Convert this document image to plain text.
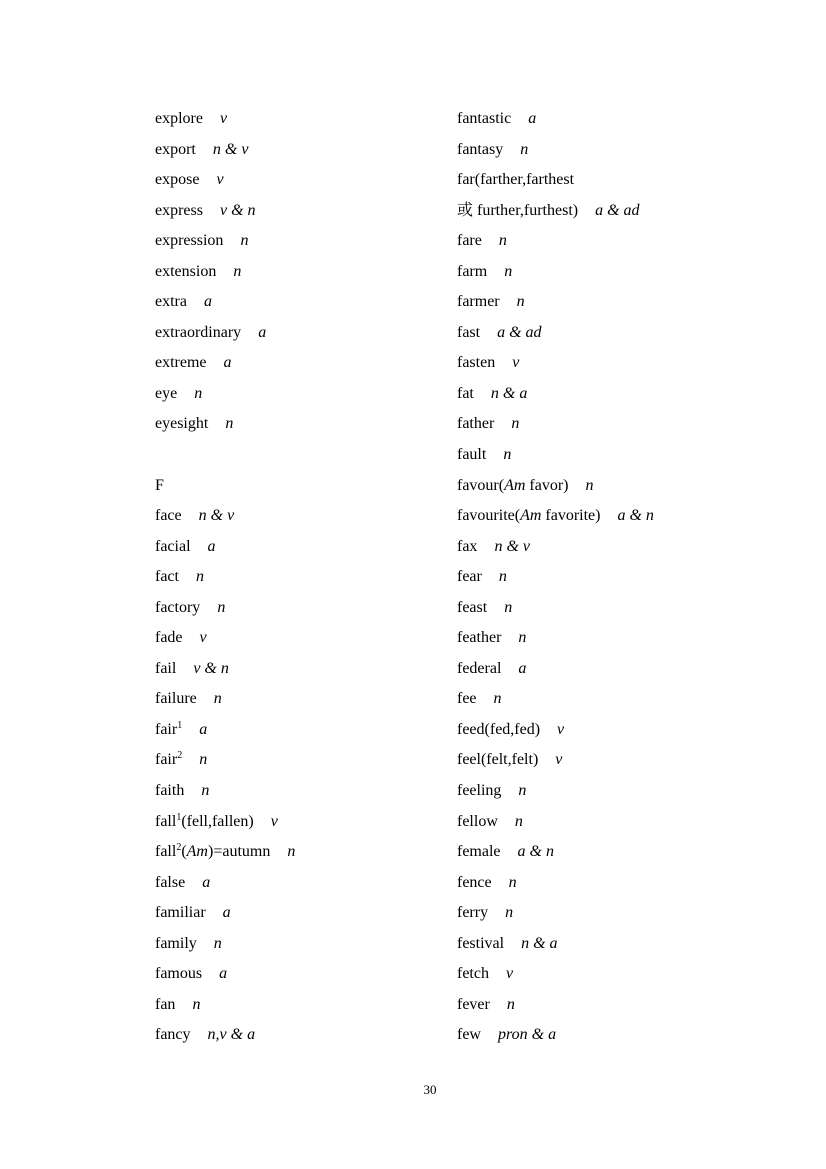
explore v
export n & v
expose v
express v & n
expression n
extension n
extra a
extraordinary a
extreme a
eye n
eyesight n
F
face n & v
facial a
fact n
factory n
fade v
fail v & n
failure n
fair$^1$ a
fair$^2$ n
faith n
fall$^1$(fell,fallen) v
fall$^2$(Am)=autumn n
false a
familiar a
family n
famous a
fan n
fancy n,v & a
fantastic a
fantasy n
far(farther,farthest
或 further,furthest) a & ad
fare n
farm n
farmer n
fast a & ad
fasten v
fat n & a
father n
fault n
favour(Am favor) n
favourite(Am favorite) a & n
fax n & v
fear n
feast n
feather n
federal a
fee n
feed(fed,fed) v
feel(felt,felt) v
feeling n
fellow n
female a & n
fence n
ferry n
festival n & a
fetch v
fever n
few pron & a
30
